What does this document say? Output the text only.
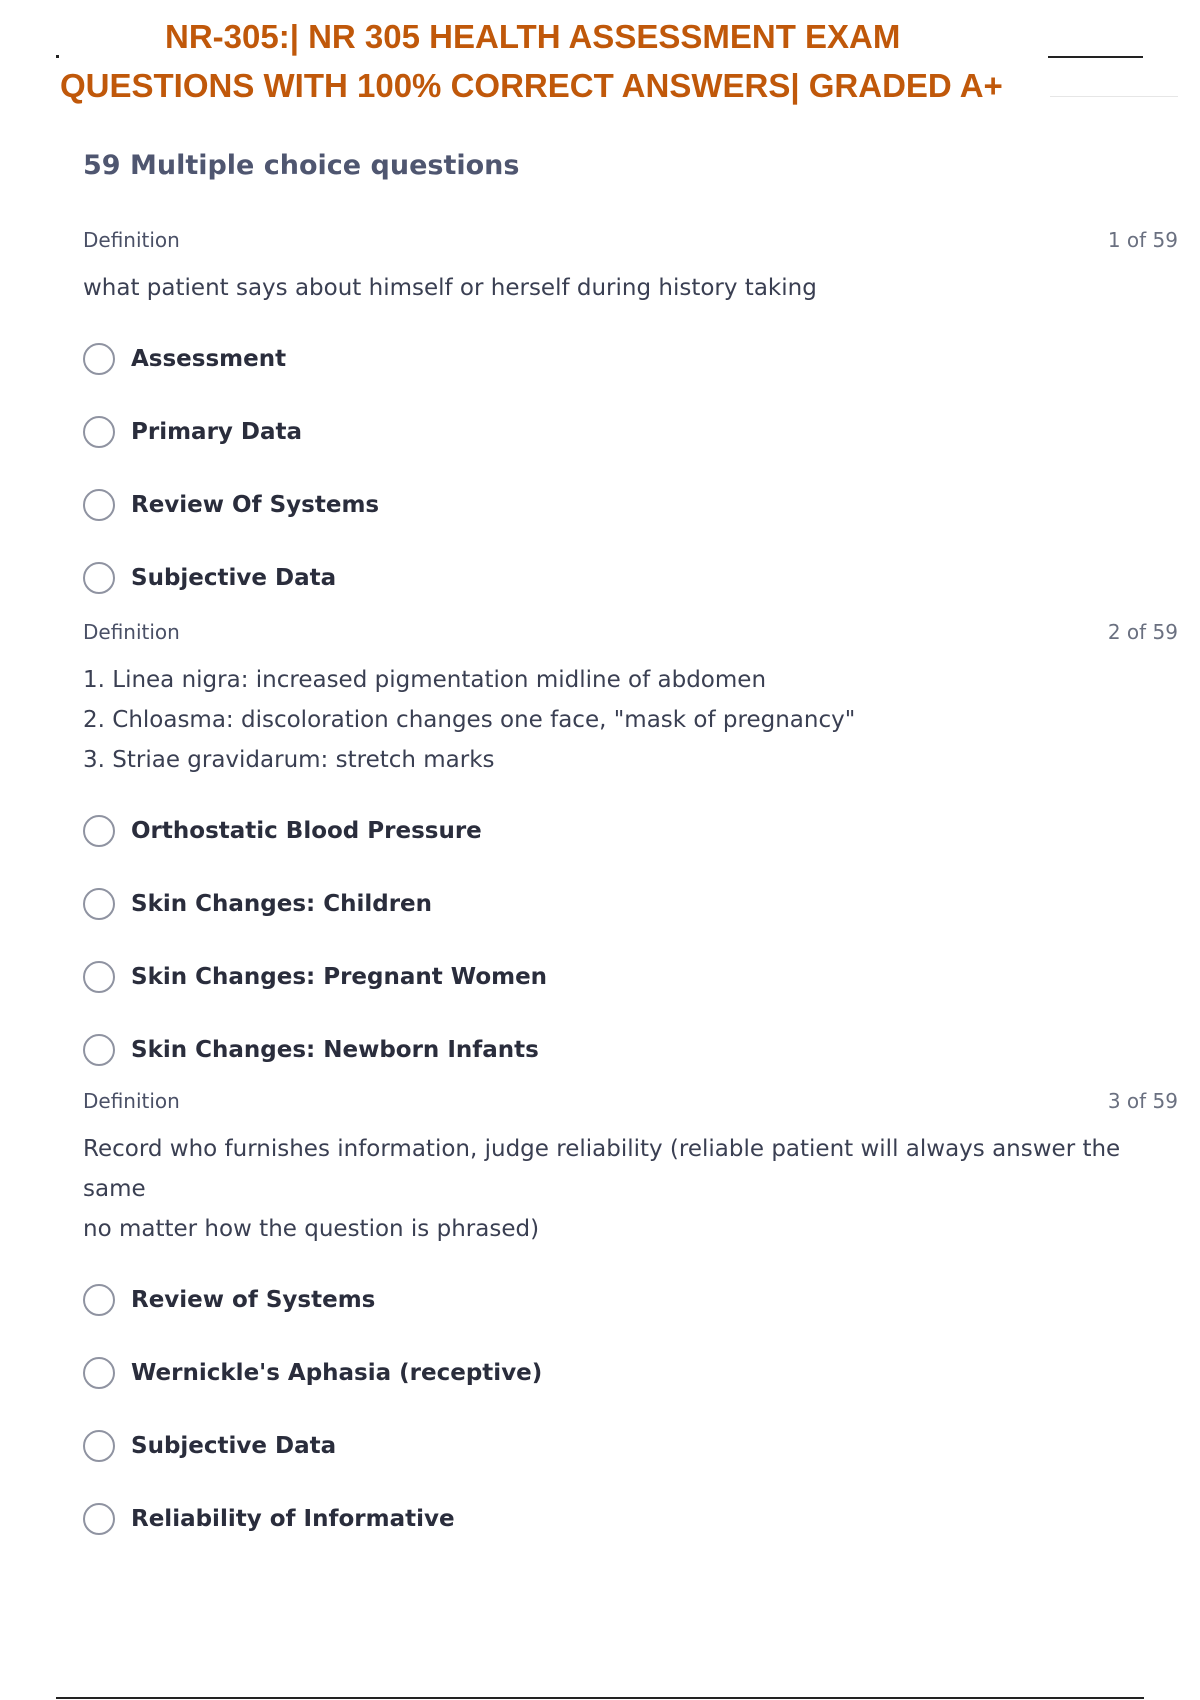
NR-305:| NR 305 HEALTH ASSESSMENT EXAM
QUESTIONS WITH 100% CORRECT ANSWERS| GRADED A+
59 Multiple choice questions
Definition	1 of 59
what patient says about himself or herself during history taking
Assessment
Primary Data
Review Of Systems
Subjective Data
Definition	2 of 59
1. Linea nigra: increased pigmentation midline of abdomen
2. Chloasma: discoloration changes one face, "mask of pregnancy"
3. Striae gravidarum: stretch marks
Orthostatic Blood Pressure
Skin Changes: Children
Skin Changes: Pregnant Women
Skin Changes: Newborn Infants
Definition	3 of 59
Record who furnishes information, judge reliability (reliable patient will always answer the same
no matter how the question is phrased)
Review of Systems
Wernickle's Aphasia (receptive)
Subjective Data
Reliability of Informative
